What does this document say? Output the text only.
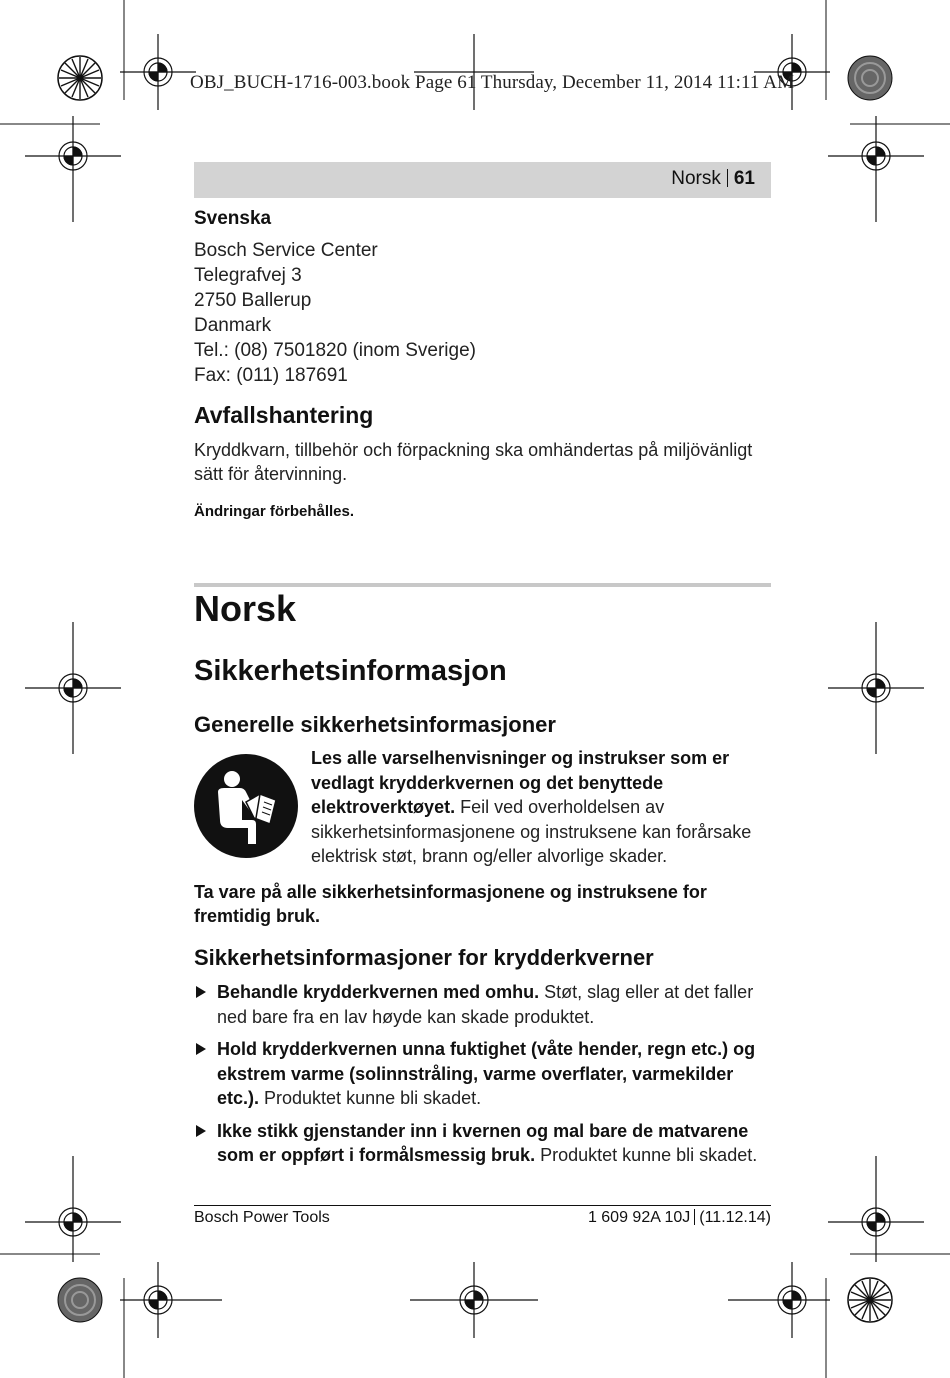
OBJ_BUCH-1716-003.book Page 61 Thursday, December 11, 2014 11:11 AM
Norsk 61
Svenska
Bosch Service Center
Telegrafvej 3
2750 Ballerup
Danmark
Tel.: (08) 7501820 (inom Sverige)
Fax: (011) 187691
Avfallshantering
Kryddkvarn, tillbehör och förpackning ska omhändertas på miljövänligt sätt för återvinning.
Ändringar förbehålles.
Norsk
Sikkerhetsinformasjon
Generelle sikkerhetsinformasjoner
Les alle varselhenvisninger og instrukser som er vedlagt krydderkvernen og det benyttede elektroverktøyet. Feil ved overholdelsen av sikkerhetsinformasjonene og instruksene kan forårsake elektrisk støt, brann og/eller alvorlige skader.
Ta vare på alle sikkerhetsinformasjonene og instruksene for fremtidig bruk.
Sikkerhetsinformasjoner for krydderkverner
Behandle krydderkvernen med omhu. Støt, slag eller at det faller ned bare fra en lav høyde kan skade produktet.
Hold krydderkvernen unna fuktighet (våte hender, regn etc.) og ekstrem varme (solinnstråling, varme overflater, varmekilder etc.). Produktet kunne bli skadet.
Ikke stikk gjenstander inn i kvernen og mal bare de matvarene som er oppført i formålsmessig bruk. Produktet kunne bli skadet.
Bosch Power Tools	1 609 92A 10J (11.12.14)
